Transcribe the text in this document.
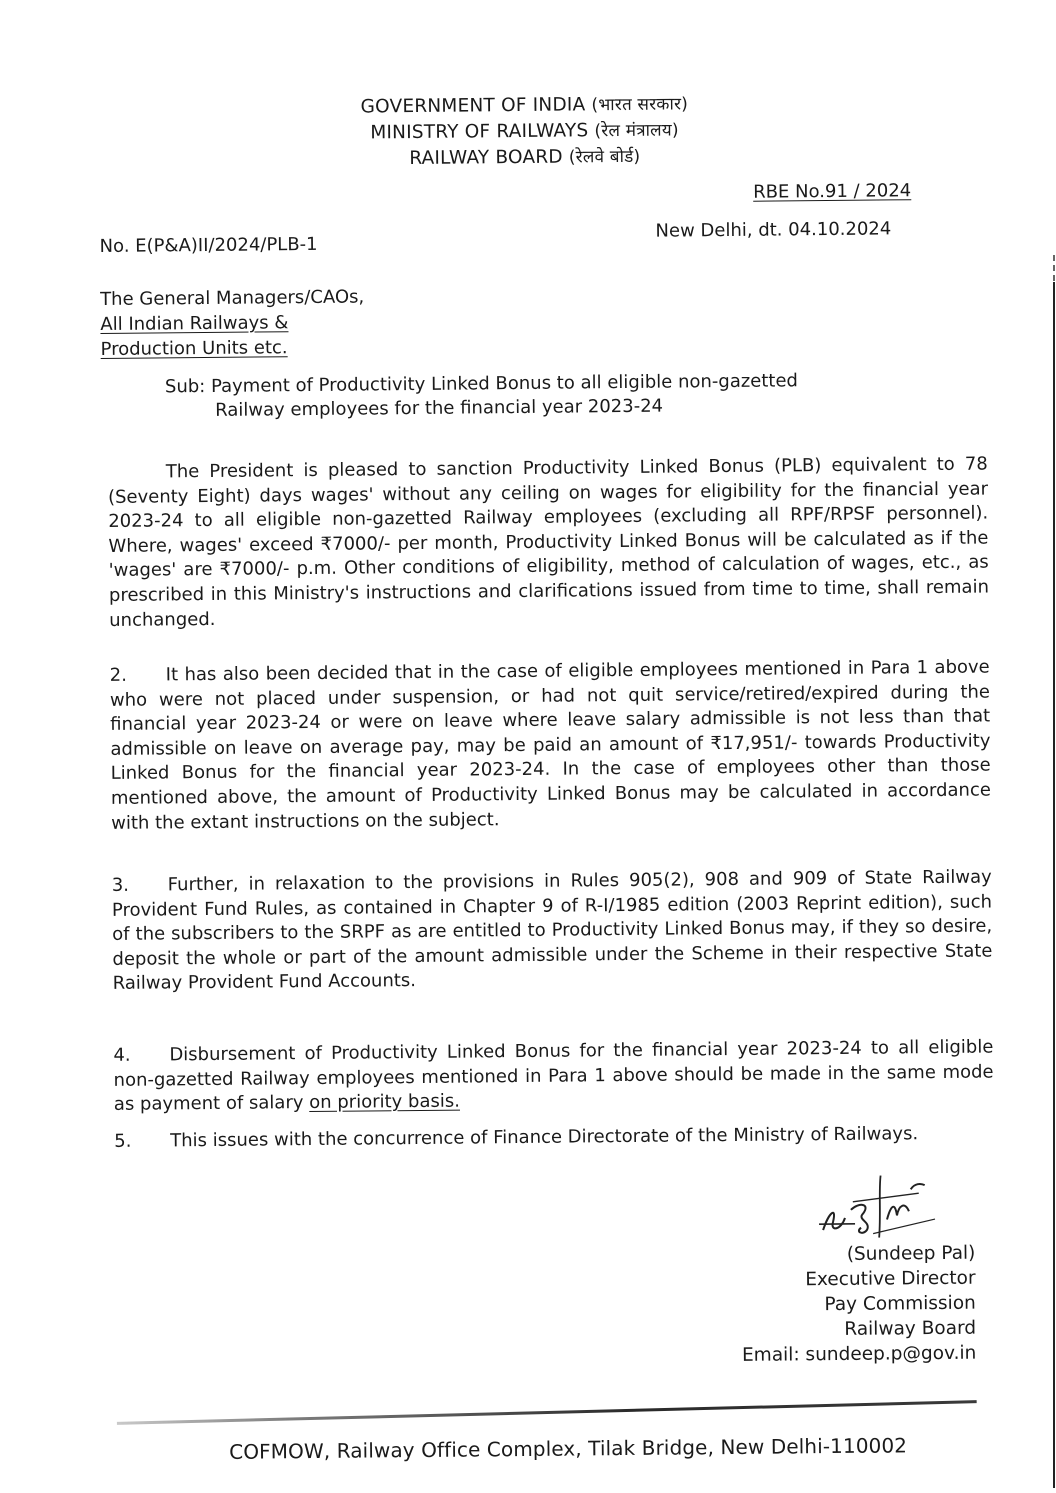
GOVERNMENT OF INDIA (भारत सरकार)
MINISTRY OF RAILWAYS (रेल मंत्रालय)
RAILWAY BOARD (रेलवे बोर्ड)
RBE No.91 / 2024
New Delhi, dt. 04.10.2024
No. E(P&A)II/2024/PLB-1
The General Managers/CAOs,
All Indian Railways &
Production Units etc.
Sub: Payment of Productivity Linked Bonus to all eligible non-gazetted
Railway employees for the financial year 2023-24
The President is pleased to sanction Productivity Linked Bonus (PLB) equivalent to 78 (Seventy Eight) days wages' without any ceiling on wages for eligibility for the financial year 2023-24 to all eligible non-gazetted Railway employees (excluding all RPF/RPSF personnel). Where, wages' exceed ₹7000/- per month, Productivity Linked Bonus will be calculated as if the 'wages' are ₹7000/- p.m. Other conditions of eligibility, method of calculation of wages, etc., as prescribed in this Ministry's instructions and clarifications issued from time to time, shall remain unchanged.
2. It has also been decided that in the case of eligible employees mentioned in Para 1 above who were not placed under suspension, or had not quit service/retired/expired during the financial year 2023-24 or were on leave where leave salary admissible is not less than that admissible on leave on average pay, may be paid an amount of ₹17,951/- towards Productivity Linked Bonus for the financial year 2023-24. In the case of employees other than those mentioned above, the amount of Productivity Linked Bonus may be calculated in accordance with the extant instructions on the subject.
3. Further, in relaxation to the provisions in Rules 905(2), 908 and 909 of State Railway Provident Fund Rules, as contained in Chapter 9 of R-I/1985 edition (2003 Reprint edition), such of the subscribers to the SRPF as are entitled to Productivity Linked Bonus may, if they so desire, deposit the whole or part of the amount admissible under the Scheme in their respective State Railway Provident Fund Accounts.
4. Disbursement of Productivity Linked Bonus for the financial year 2023-24 to all eligible non-gazetted Railway employees mentioned in Para 1 above should be made in the same mode as payment of salary on priority basis.
5. This issues with the concurrence of Finance Directorate of the Ministry of Railways.
(Sundeep Pal)
Executive Director
Pay Commission
Railway Board
Email: sundeep.p@gov.in
COFMOW, Railway Office Complex, Tilak Bridge, New Delhi-110002
